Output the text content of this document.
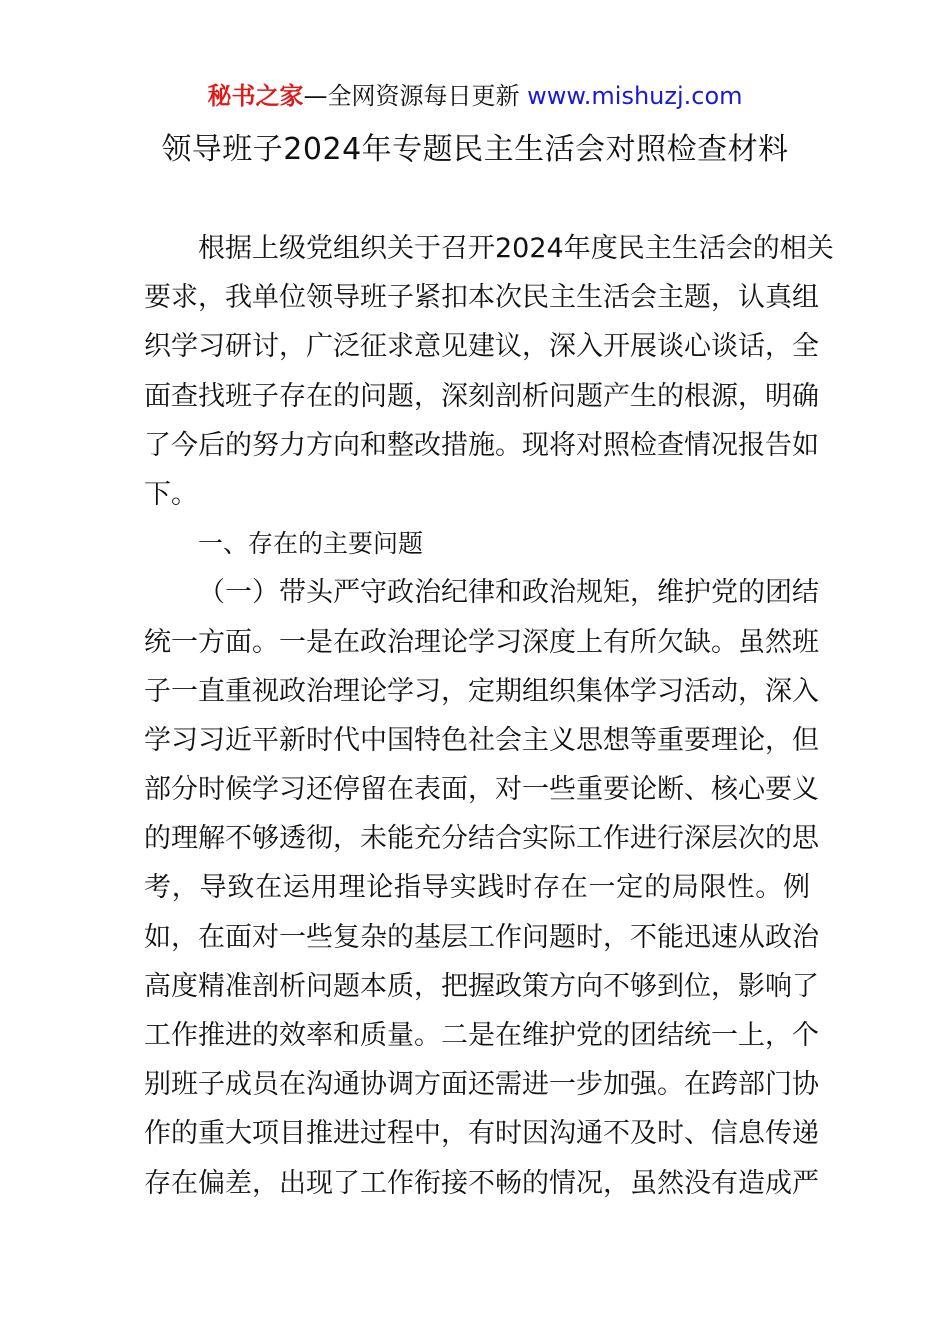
秘书之家—全网资源每日更新 www.mishuzj.com
领导班子2024年专题民主生活会对照检查材料
根据上级党组织关于召开2024年度民主生活会的相关
要求，我单位领导班子紧扣本次民主生活会主题，认真组
织学习研讨，广泛征求意见建议，深入开展谈心谈话，全
面查找班子存在的问题，深刻剖析问题产生的根源，明确
了今后的努力方向和整改措施。现将对照检查情况报告如
下。
一、存在的主要问题
（一）带头严守政治纪律和政治规矩，维护党的团结
统一方面。一是在政治理论学习深度上有所欠缺。虽然班
子一直重视政治理论学习，定期组织集体学习活动，深入
学习习近平新时代中国特色社会主义思想等重要理论，但
部分时候学习还停留在表面，对一些重要论断、核心要义
的理解不够透彻，未能充分结合实际工作进行深层次的思
考，导致在运用理论指导实践时存在一定的局限性。例
如，在面对一些复杂的基层工作问题时，不能迅速从政治
高度精准剖析问题本质，把握政策方向不够到位，影响了
工作推进的效率和质量。二是在维护党的团结统一上，个
别班子成员在沟通协调方面还需进一步加强。在跨部门协
作的重大项目推进过程中，有时因沟通不及时、信息传递
存在偏差，出现了工作衔接不畅的情况，虽然没有造成严
